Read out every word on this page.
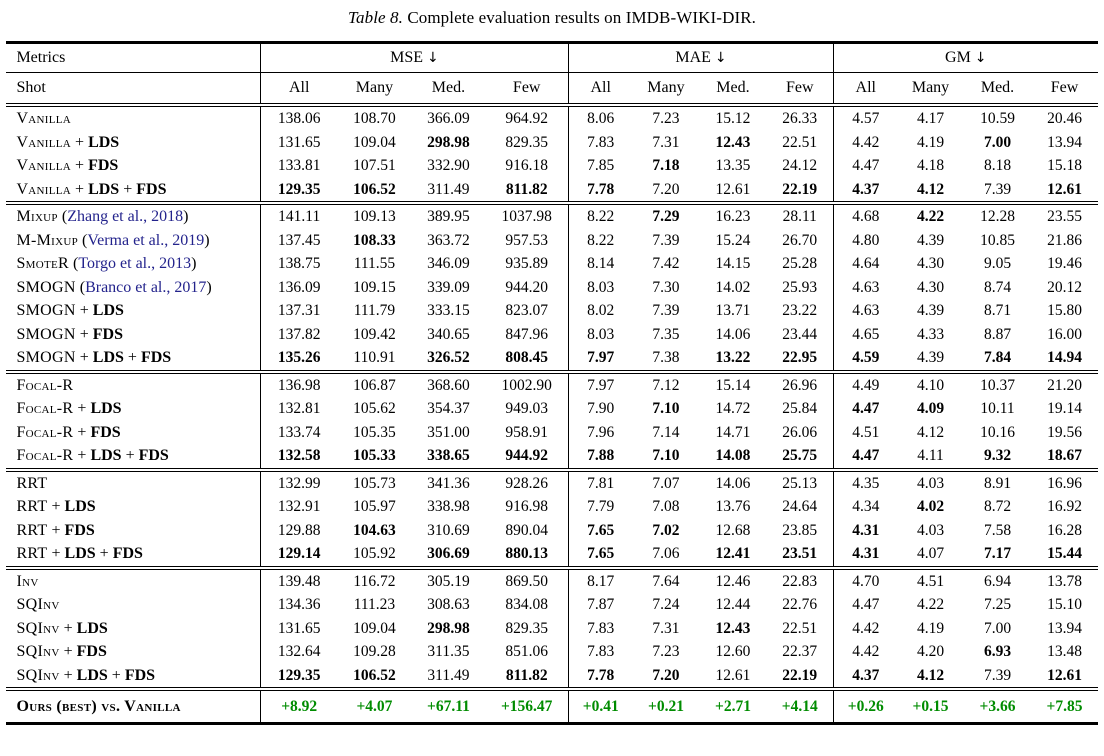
Table 8. Complete evaluation results on IMDB-WIKI-DIR.
Metrics	MSE ↓				MAE ↓				GM ↓			
Shot	All	Many	Med.	Few	All	Many	Med.	Few	All	Many	Med.	Few
Vanilla	138.06	108.70	366.09	964.92	8.06	7.23	15.12	26.33	4.57	4.17	10.59	20.46
Vanilla + LDS	131.65	109.04	298.98	829.35	7.83	7.31	12.43	22.51	4.42	4.19	7.00	13.94
Vanilla + FDS	133.81	107.51	332.90	916.18	7.85	7.18	13.35	24.12	4.47	4.18	8.18	15.18
Vanilla + LDS + FDS	129.35	106.52	311.49	811.82	7.78	7.20	12.61	22.19	4.37	4.12	7.39	12.61
Mixup (Zhang et al., 2018)	141.11	109.13	389.95	1037.98	8.22	7.29	16.23	28.11	4.68	4.22	12.28	23.55
M-Mixup (Verma et al., 2019)	137.45	108.33	363.72	957.53	8.22	7.39	15.24	26.70	4.80	4.39	10.85	21.86
SmoteR (Torgo et al., 2013)	138.75	111.55	346.09	935.89	8.14	7.42	14.15	25.28	4.64	4.30	9.05	19.46
SMOGN (Branco et al., 2017)	136.09	109.15	339.09	944.20	8.03	7.30	14.02	25.93	4.63	4.30	8.74	20.12
SMOGN + LDS	137.31	111.79	333.15	823.07	8.02	7.39	13.71	23.22	4.63	4.39	8.71	15.80
SMOGN + FDS	137.82	109.42	340.65	847.96	8.03	7.35	14.06	23.44	4.65	4.33	8.87	16.00
SMOGN + LDS + FDS	135.26	110.91	326.52	808.45	7.97	7.38	13.22	22.95	4.59	4.39	7.84	14.94
Focal-R	136.98	106.87	368.60	1002.90	7.97	7.12	15.14	26.96	4.49	4.10	10.37	21.20
Focal-R + LDS	132.81	105.62	354.37	949.03	7.90	7.10	14.72	25.84	4.47	4.09	10.11	19.14
Focal-R + FDS	133.74	105.35	351.00	958.91	7.96	7.14	14.71	26.06	4.51	4.12	10.16	19.56
Focal-R + LDS + FDS	132.58	105.33	338.65	944.92	7.88	7.10	14.08	25.75	4.47	4.11	9.32	18.67
RRT	132.99	105.73	341.36	928.26	7.81	7.07	14.06	25.13	4.35	4.03	8.91	16.96
RRT + LDS	132.91	105.97	338.98	916.98	7.79	7.08	13.76	24.64	4.34	4.02	8.72	16.92
RRT + FDS	129.88	104.63	310.69	890.04	7.65	7.02	12.68	23.85	4.31	4.03	7.58	16.28
RRT + LDS + FDS	129.14	105.92	306.69	880.13	7.65	7.06	12.41	23.51	4.31	4.07	7.17	15.44
Inv	139.48	116.72	305.19	869.50	8.17	7.64	12.46	22.83	4.70	4.51	6.94	13.78
SQInv	134.36	111.23	308.63	834.08	7.87	7.24	12.44	22.76	4.47	4.22	7.25	15.10
SQInv + LDS	131.65	109.04	298.98	829.35	7.83	7.31	12.43	22.51	4.42	4.19	7.00	13.94
SQInv + FDS	132.64	109.28	311.35	851.06	7.83	7.23	12.60	22.37	4.42	4.20	6.93	13.48
SQInv + LDS + FDS	129.35	106.52	311.49	811.82	7.78	7.20	12.61	22.19	4.37	4.12	7.39	12.61
Ours (best) vs. Vanilla	+8.92	+4.07	+67.11	+156.47	+0.41	+0.21	+2.71	+4.14	+0.26	+0.15	+3.66	+7.85
